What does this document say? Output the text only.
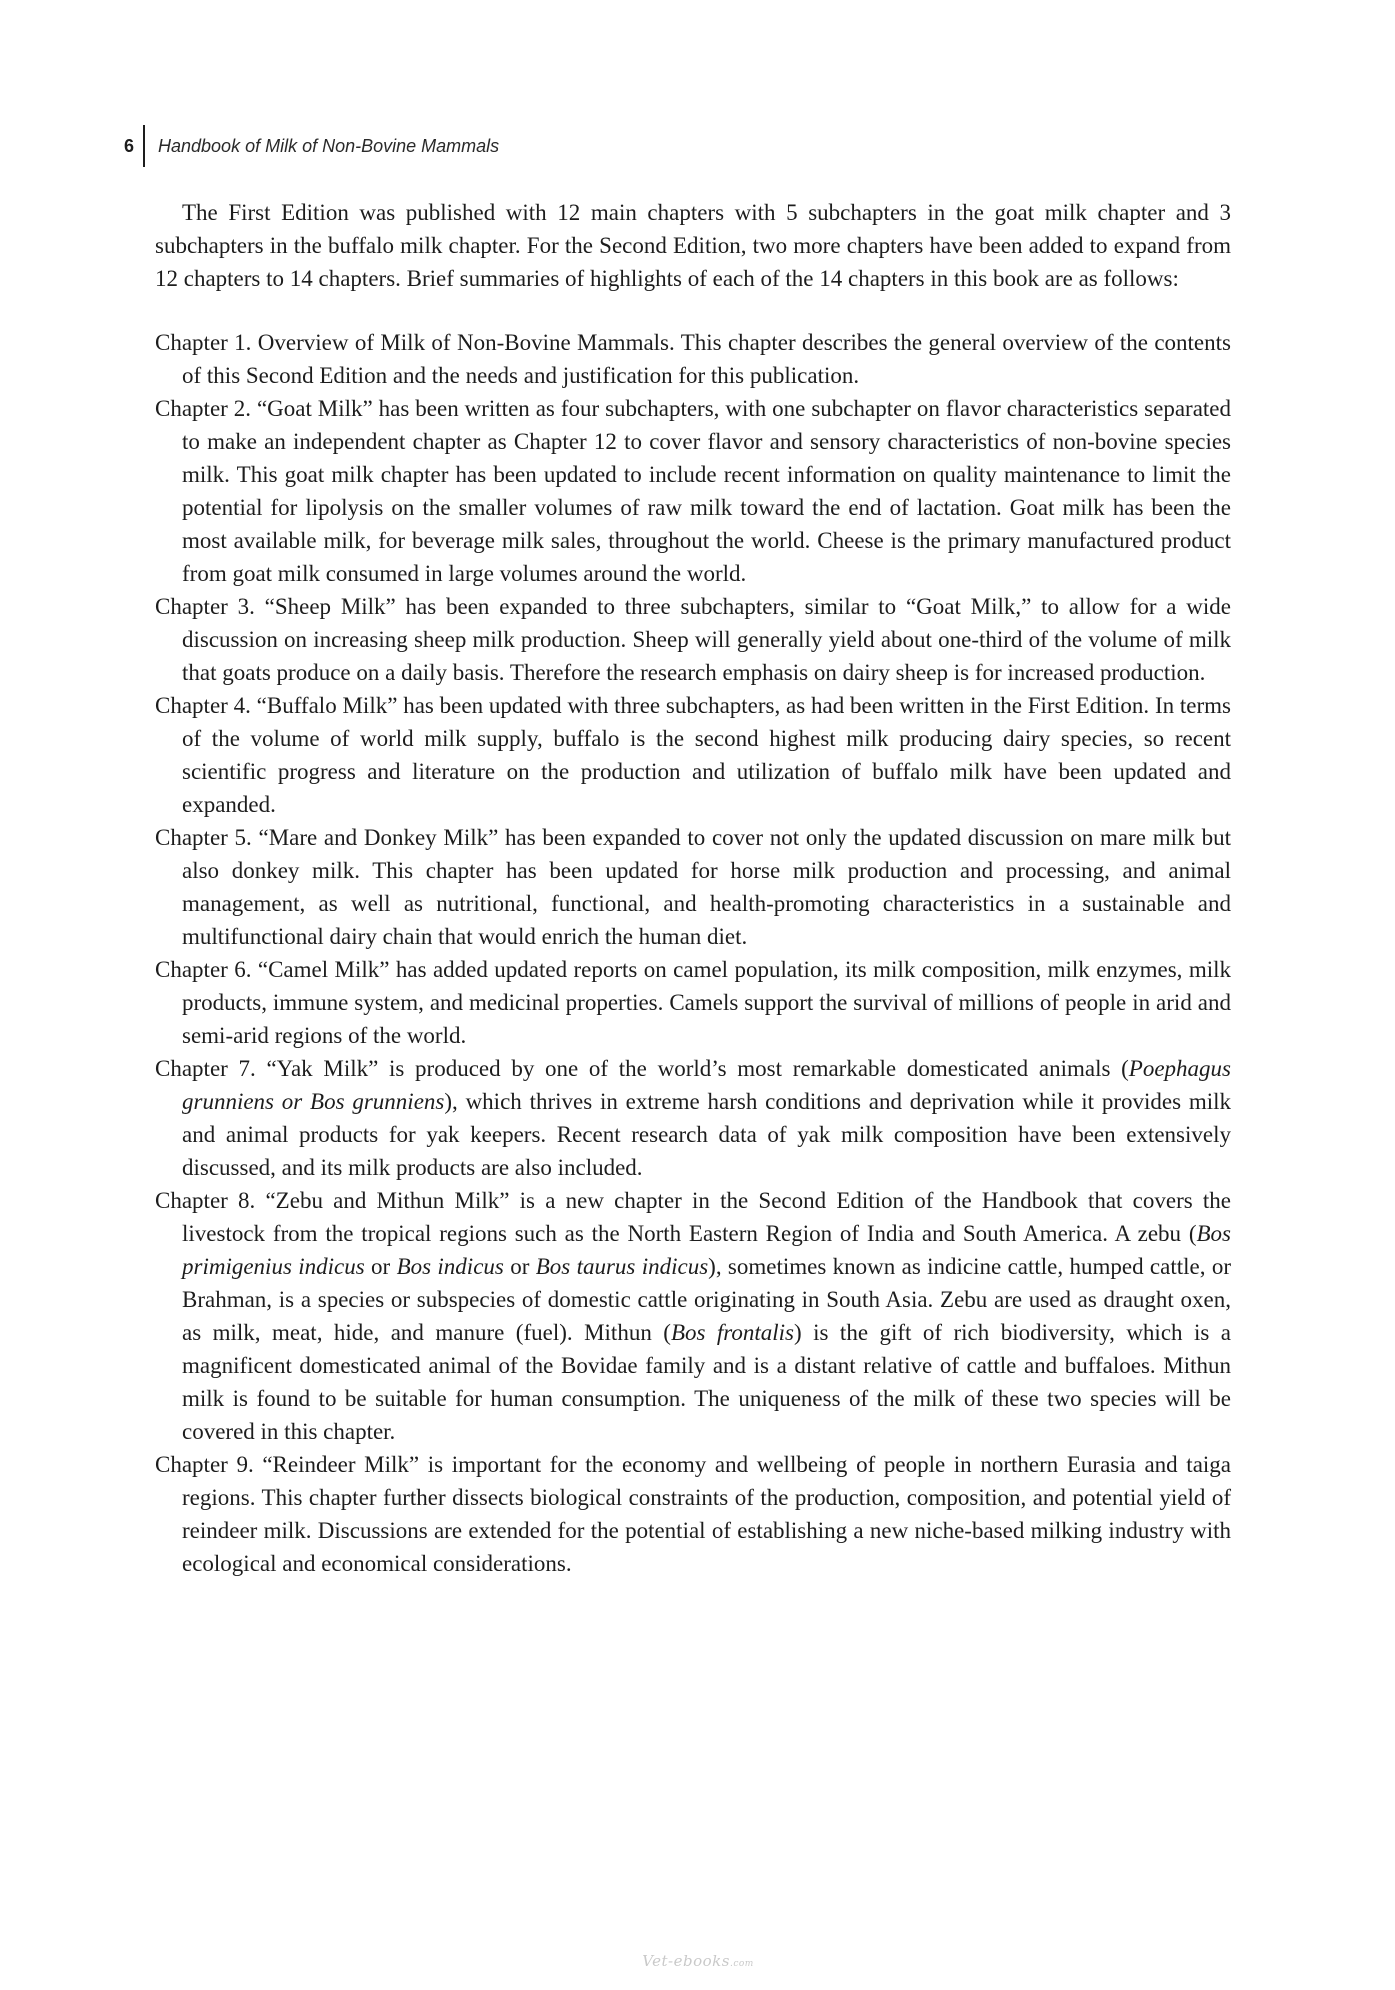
6 Handbook of Milk of Non-Bovine Mammals

The First Edition was published with 12 main chapters with 5 subchapters in the goat milk chapter and 3 subchapters in the buffalo milk chapter. For the Second Edition, two more chapters have been added to expand from 12 chapters to 14 chapters. Brief summaries of highlights of each of the 14 chapters in this book are as follows:

Chapter 1. Overview of Milk of Non-Bovine Mammals. This chapter describes the general overview of the contents of this Second Edition and the needs and justification for this publication.
Chapter 2. “Goat Milk” has been written as four subchapters, with one subchapter on flavor characteristics separated to make an independent chapter as Chapter 12 to cover flavor and sensory characteristics of non-bovine species milk. This goat milk chapter has been updated to include recent information on quality maintenance to limit the potential for lipolysis on the smaller volumes of raw milk toward the end of lactation. Goat milk has been the most available milk, for beverage milk sales, throughout the world. Cheese is the primary manufactured product from goat milk consumed in large volumes around the world.
Chapter 3. “Sheep Milk” has been expanded to three subchapters, similar to “Goat Milk,” to allow for a wide discussion on increasing sheep milk production. Sheep will generally yield about one-third of the volume of milk that goats produce on a daily basis. Therefore the research emphasis on dairy sheep is for increased production.
Chapter 4. “Buffalo Milk” has been updated with three subchapters, as had been written in the First Edition. In terms of the volume of world milk supply, buffalo is the second highest milk producing dairy species, so recent scientific progress and literature on the production and utilization of buffalo milk have been updated and expanded.
Chapter 5. “Mare and Donkey Milk” has been expanded to cover not only the updated discussion on mare milk but also donkey milk. This chapter has been updated for horse milk production and processing, and animal management, as well as nutritional, functional, and health-promoting characteristics in a sustainable and multifunctional dairy chain that would enrich the human diet.
Chapter 6. “Camel Milk” has added updated reports on camel population, its milk composition, milk enzymes, milk products, immune system, and medicinal properties. Camels support the survival of millions of people in arid and semi-arid regions of the world.
Chapter 7. “Yak Milk” is produced by one of the world’s most remarkable domesticated animals (Poephagus grunniens or Bos grunniens), which thrives in extreme harsh conditions and deprivation while it provides milk and animal products for yak keepers. Recent research data of yak milk composition have been extensively discussed, and its milk products are also included.
Chapter 8. “Zebu and Mithun Milk” is a new chapter in the Second Edition of the Handbook that covers the livestock from the tropical regions such as the North Eastern Region of India and South America. A zebu (Bos primigenius indicus or Bos indicus or Bos taurus indicus), sometimes known as indicine cattle, humped cattle, or Brahman, is a species or subspecies of domestic cattle originating in South Asia. Zebu are used as draught oxen, as milk, meat, hide, and manure (fuel). Mithun (Bos frontalis) is the gift of rich biodiversity, which is a magnificent domesticated animal of the Bovidae family and is a distant relative of cattle and buffaloes. Mithun milk is found to be suitable for human consumption. The uniqueness of the milk of these two species will be covered in this chapter.
Chapter 9. “Reindeer Milk” is important for the economy and wellbeing of people in northern Eurasia and taiga regions. This chapter further dissects biological constraints of the production, composition, and potential yield of reindeer milk. Discussions are extended for the potential of establishing a new niche-based milking industry with ecological and economical considerations.
Vet-ebooks.com
